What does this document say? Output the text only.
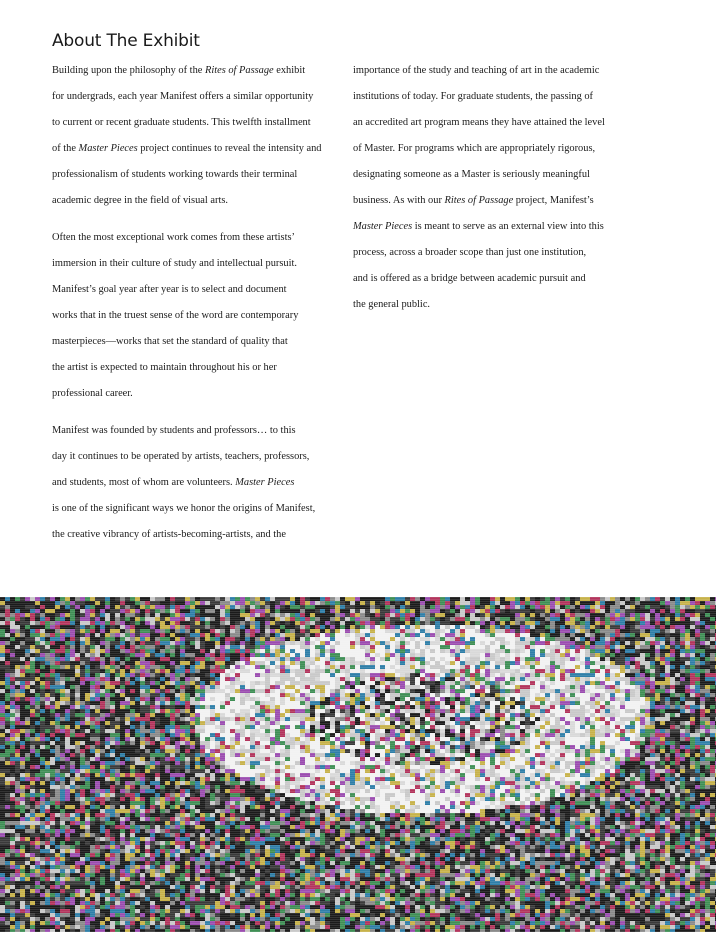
About The Exhibit

Building upon the philosophy of the Rites of Passage exhibit
for undergrads, each year Manifest offers a similar opportunity
to current or recent graduate students. This twelfth installment
of the Master Pieces project continues to reveal the intensity and
professionalism of students working towards their terminal
academic degree in the field of visual arts.

Often the most exceptional work comes from these artists’
immersion in their culture of study and intellectual pursuit.
Manifest’s goal year after year is to select and document
works that in the truest sense of the word are contemporary
masterpieces—works that set the standard of quality that
the artist is expected to maintain throughout his or her
professional career.

Manifest was founded by students and professors… to this
day it continues to be operated by artists, teachers, professors,
and students, most of whom are volunteers. Master Pieces
is one of the significant ways we honor the origins of Manifest,
the creative vibrancy of artists-becoming-artists, and the

importance of the study and teaching of art in the academic
institutions of today. For graduate students, the passing of
an accredited art program means they have attained the level
of Master. For programs which are appropriately rigorous,
designating someone as a Master is seriously meaningful
business. As with our Rites of Passage project, Manifest’s
Master Pieces is meant to serve as an external view into this
process, across a broader scope than just one institution,
and is offered as a bridge between academic pursuit and
the general public.
